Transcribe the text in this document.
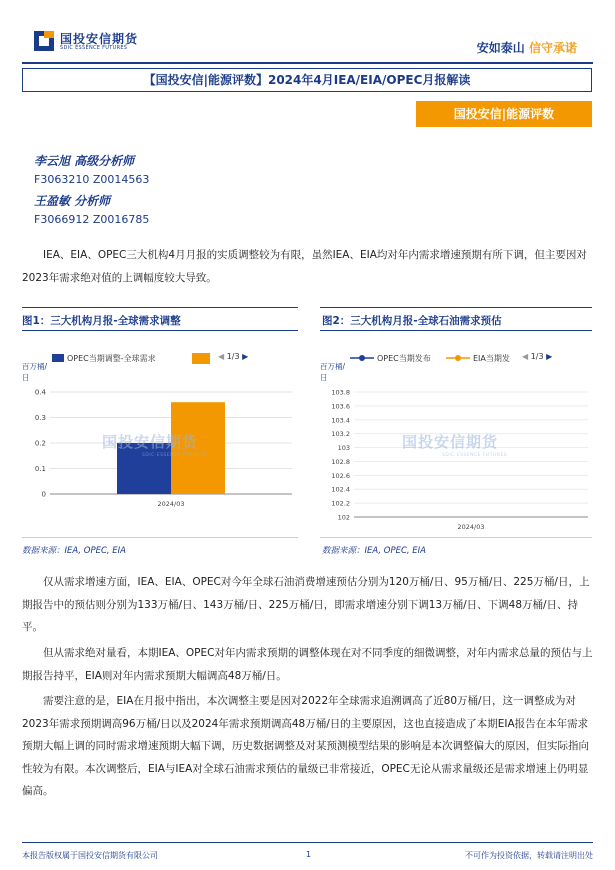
国投安信期货
SDIC ESSENCE FUTURES	安如泰山 信守承诺
【国投安信|能源评数】2024年4月IEA/EIA/OPEC月报解读
国投安信|能源评数
李云旭 高级分析师
F3063210 Z0014563
王盈敏 分析师
F3066912 Z0016785
IEA、EIA、OPEC三大机构4月月报的实质调整较为有限，虽然IEA、EIA均对年内需求增速预期有所下调，但主要因对2023年需求绝对值的上调幅度较大导致。
图1：三大机构月报-全球需求调整
OPEC当期调整-全球需求	◀ 1/3 ▶
百万桶/日
0
0.1
0.2
0.3
0.4
2024/03
国投安信期货
SDIC ESSENCE FUTURES
数据来源：IEA, OPEC, EIA
图2：三大机构月报-全球石油需求预估
OPEC当期发布	EIA当期发 ◀ 1/3 ▶
百万桶/日
102
102.2
102.4
102.6
102.8
103
103.2
103.4
103.6
103.8
2024/03
国投安信期货
SDIC ESSENCE FUTURES
数据来源：IEA, OPEC, EIA
仅从需求增速方面，IEA、EIA、OPEC对今年全球石油消费增速预估分别为120万桶/日、95万桶/日、225万桶/日，上期报告中的预估则分别为133万桶/日、143万桶/日、225万桶/日，即需求增速分别下调13万桶/日、下调48万桶/日、持平。
但从需求绝对量看，本期IEA、OPEC对年内需求预期的调整体现在对不同季度的细微调整，对年内需求总量的预估与上期报告持平，EIA则对年内需求预期大幅调高48万桶/日。
需要注意的是，EIA在月报中指出，本次调整主要是因对2022年全球需求追溯调高了近80万桶/日，这一调整成为对2023年需求预期调高96万桶/日以及2024年需求预期调高48万桶/日的主要原因，这也直接造成了本期EIA报告在本年需求预期大幅上调的同时需求增速预期大幅下调，历史数据调整及对某预测模型结果的影响是本次调整偏大的原因，但实际指向性较为有限。本次调整后，EIA与IEA对全球石油需求预估的量级已非常接近，OPEC无论从需求量级还是需求增速上仍明显偏高。
本报告版权属于国投安信期货有限公司	1	不可作为投资依据，转载请注明出处
